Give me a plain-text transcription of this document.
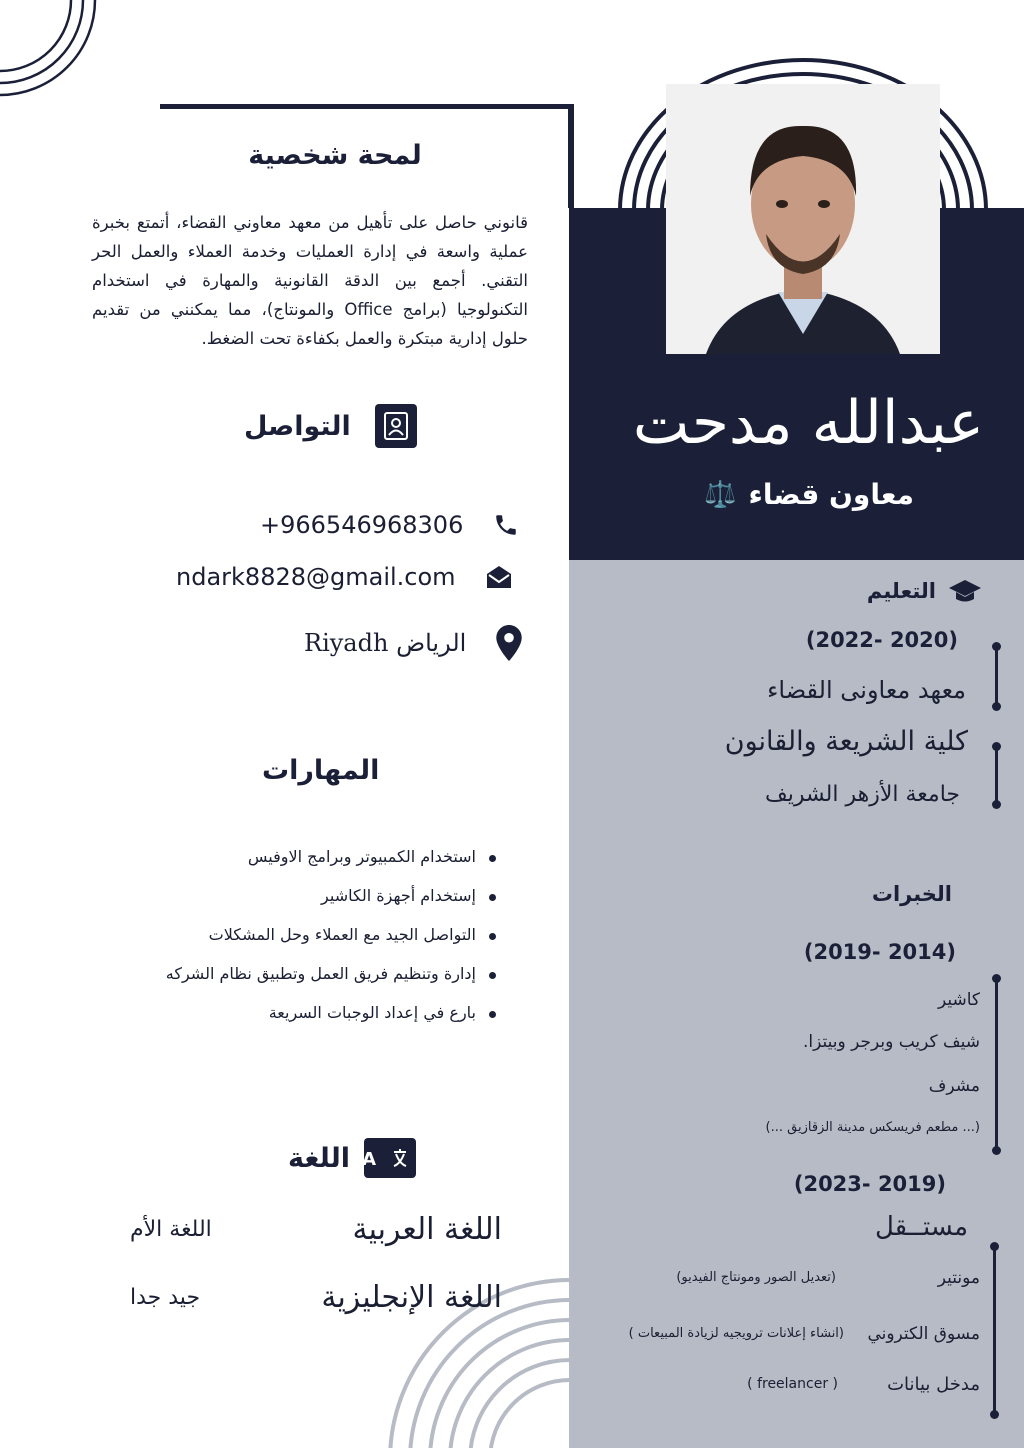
عبدالله مدحت
معاون قضاء
⚖️
لمحة شخصية

قانوني حاصل على تأهيل من معهد معاوني القضاء، أتمتع بخبرة عملية واسعة في إدارة العمليات وخدمة العملاء والعمل الحر التقني. أجمع بين الدقة القانونية والمهارة في استخدام التكنولوجيا (برامج Office والمونتاج)، مما يمكنني من تقديم حلول إدارية مبتكرة والعمل بكفاءة تحت الضغط.

التواصل
+966546968306
ndark8828@gmail.com
الرياض Riyadh
المهارات
استخدام الكمبيوتر وبرامج الاوفيس
إستخدام أجهزة الكاشير
التواصل الجيد مع العملاء وحل المشكلات
إدارة وتنظيم فريق العمل وتطبيق نظام الشركه
بارع في إعداد الوجبات السريعة
A
اللغة
اللغة العربية
اللغة الأم
اللغة الإنجليزية
جيد جدا
التعليم
(2020 -2022)
معهد معاونى القضاء
كلية الشريعة والقانون
جامعة الأزهر الشريف
الخبرات
(2014 -2019)
كاشير
شيف كريب وبرجر وبيتزا.
مشرف
(... مطعم فريسكس مدينة الزقازيق ...)
(2019 -2023)
مستــقل
مونتير
(تعديل الصور ومونتاج الفيديو)
مسوق الكتروني
(انشاء إعلانات ترويجيه لزيادة المبيعات )
مدخل بيانات
( freelancer )
